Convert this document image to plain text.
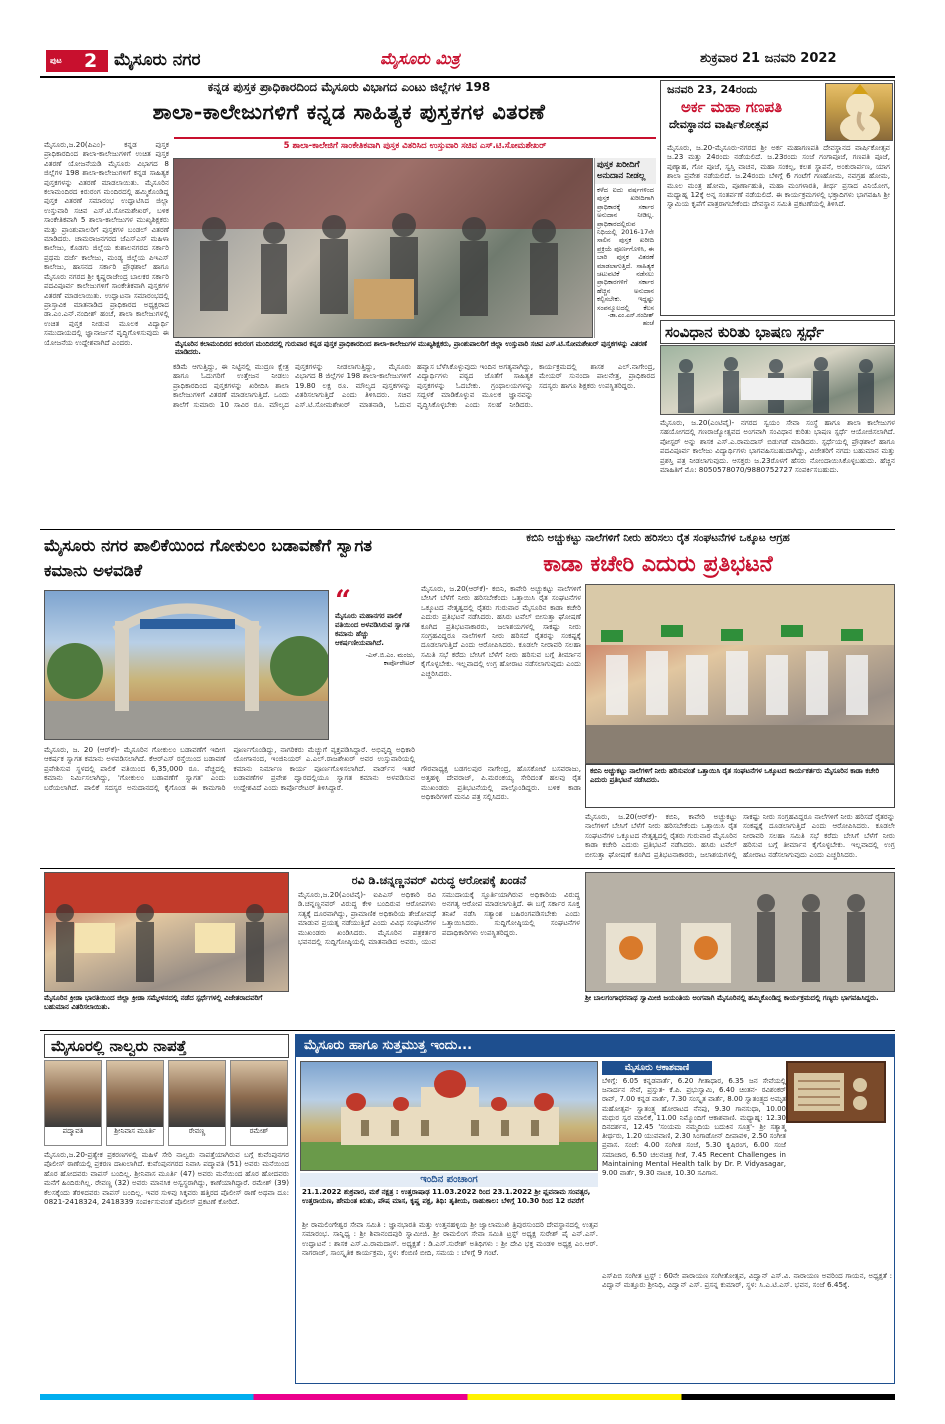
ಪುಟ 2 ಮೈಸೂರು ನಗರ	ಮೈಸೂರು ಮಿತ್ರ	ಶುಕ್ರವಾರ 21 ಜನವರಿ 2022
ಕನ್ನಡ ಪುಸ್ತಕ ಪ್ರಾಧಿಕಾರದಿಂದ ಮೈಸೂರು ವಿಭಾಗದ ಎಂಟು ಜಿಲ್ಲೆಗಳ 198
ಶಾಲಾ-ಕಾಲೇಜುಗಳಿಗೆ ಕನ್ನಡ ಸಾಹಿತ್ಯಕ ಪುಸ್ತಕಗಳ ವಿತರಣೆ
5 ಶಾಲಾ-ಕಾಲೇಜಿಗೆ ಸಾಂಕೇತಿಕವಾಗಿ ಪುಸ್ತಕ ವಿತರಿಸಿದ ಉಸ್ತುವಾರಿ ಸಚಿವ ಎಸ್.ಟಿ.ಸೋಮಶೇಖರ್
ಮೈಸೂರು,ಜ.20(ಪಿಎಂ)- ಕನ್ನಡ ಪುಸ್ತಕ ಪ್ರಾಧಿಕಾರದಿಂದ ಶಾಲಾ-ಕಾಲೇಜುಗಳಿಗೆ ಉಚಿತ ಪುಸ್ತಕ ವಿತರಣೆ ಯೋಜನೆಯಡಿ ಮೈಸೂರು ವಿಭಾಗದ 8 ಜಿಲ್ಲೆಗಳ 198 ಶಾಲಾ-ಕಾಲೇಜುಗಳಿಗೆ ಕನ್ನಡ ಸಾಹಿತ್ಯಕ ಪುಸ್ತಕಗಳನ್ನು ವಿತರಣೆ ಮಾಡಲಾಯಿತು. ಮೈಸೂರಿನ ಕಲಾಮಂದಿರದ ಕಿರುರಂಗ ಮಂದಿರದಲ್ಲಿ ಹಮ್ಮಿಕೊಂಡಿದ್ದ ಪುಸ್ತಕ ವಿತರಣೆ ಸಮಾರಂಭ ಉದ್ಘಾಟಿಸಿದ ಜಿಲ್ಲಾ ಉಸ್ತುವಾರಿ ಸಚಿವ ಎಸ್.ಟಿ.ಸೋಮಶೇಖರ್, ಬಳಿಕ ಸಾಂಕೇತಿಕವಾಗಿ 5 ಶಾಲಾ-ಕಾಲೇಜುಗಳ ಮುಖ್ಯಶಿಕ್ಷಕರು ಮತ್ತು ಪ್ರಾಂಶುಪಾಲರಿಗೆ ಪುಸ್ತಕಗಳ ಬಂಡಲ್ ವಿತರಣೆ ಮಾಡಿದರು. ಚಾಮರಾಜನಗರದ ಜೆಎಸ್‌ಎಸ್ ಮಹಿಳಾ ಕಾಲೇಜು, ಕೊಡಗು ಜಿಲ್ಲೆಯ ಕುಶಾಲನಗರದ ಸರ್ಕಾರಿ ಪ್ರಥಮ ದರ್ಜೆ ಕಾಲೇಜು, ಮಂಡ್ಯ ಜಿಲ್ಲೆಯ ಪಿಇಎಸ್ ಕಾಲೇಜು, ಹಾಸನದ ಸರ್ಕಾರಿ ಪ್ರೌಢಶಾಲೆ ಹಾಗೂ ಮೈಸೂರು ನಗರದ ಶ್ರೀ ಕೃಷ್ಣರಾಜೇಂದ್ರ ಬಾಲಕರ ಸರ್ಕಾರಿ ಪದವಿಪೂರ್ವ ಕಾಲೇಜುಗಳಿಗೆ ಸಾಂಕೇತಿಕವಾಗಿ ಪುಸ್ತಕಗಳ ವಿತರಣೆ ಮಾಡಲಾಯಿತು. ಉದ್ಘಾಟನಾ ಸಮಾರಂಭದಲ್ಲಿ ಪ್ರಾಸ್ತಾವಿಕ ಮಾತನಾಡಿದ ಪ್ರಾಧಿಕಾರದ ಅಧ್ಯಕ್ಷರಾದ ಡಾ.ಎಂ.ಎನ್.ನಂದೀಶ್ ಹಂಚೆ, ಶಾಲಾ ಕಾಲೇಜುಗಳಲ್ಲಿ ಉಚಿತ ಪುಸ್ತಕ ನೀಡುವ ಮೂಲಕ ವಿದ್ಯಾರ್ಥಿ ಸಮುದಾಯದಲ್ಲಿ ಜ್ಞಾನಾರ್ಜನೆ ವೃದ್ಧಿಗೊಳಿಸುವುದು ಈ ಯೋಜನೆಯ ಉದ್ದೇಶವಾಗಿದೆ ಎಂದರು.	ಮೈಸೂರಿನ ಕಲಾಮಂದಿರದ ಕಿರುರಂಗ ಮಂದಿರದಲ್ಲಿ ಗುರುವಾರ ಕನ್ನಡ ಪುಸ್ತಕ ಪ್ರಾಧಿಕಾರದಿಂದ ಶಾಲಾ-ಕಾಲೇಜುಗಳ ಮುಖ್ಯಶಿಕ್ಷಕರು, ಪ್ರಾಂಶುಪಾಲರಿಗೆ ಜಿಲ್ಲಾ ಉಸ್ತುವಾರಿ ಸಚಿವ ಎಸ್.ಟಿ.ಸೋಮಶೇಖರ್ ಪುಸ್ತಕಗಳನ್ನು ವಿತರಣೆ ಮಾಡಿದರು.
ಕಡಿಮೆ ಆಗುತ್ತಿದ್ದು, ಈ ನಿಟ್ಟಿನಲ್ಲಿ ಮುದ್ರಣ ಕ್ಷೇತ್ರ ಹಾಗೂ ಓದುಗರಿಗೆ ಉತ್ತೇಜನ ನೀಡಲು ಪ್ರಾಧಿಕಾರದಿಂದ ಪುಸ್ತಕಗಳನ್ನು ಖರೀದಿಸಿ ಶಾಲಾ ಕಾಲೇಜುಗಳಿಗೆ ವಿತರಣೆ ಮಾಡಲಾಗುತ್ತಿದೆ. ಒಂದು ಶಾಲೆಗೆ ಸುಮಾರು 10 ಸಾವಿರ ರೂ. ಮೌಲ್ಯದ ಪುಸ್ತಕಗಳನ್ನು ನೀಡಲಾಗುತ್ತಿದ್ದು, ಮೈಸೂರು ವಿಭಾಗದ 8 ಜಿಲ್ಲೆಗಳ 198 ಶಾಲಾ-ಕಾಲೇಜುಗಳಿಗೆ 19.80 ಲಕ್ಷ ರೂ. ಮೌಲ್ಯದ ಪುಸ್ತಕಗಳನ್ನು ವಿತರಿಸಲಾಗುತ್ತಿದೆ ಎಂದು ತಿಳಿಸಿದರು. ಸಚಿವ ಎಸ್.ಟಿ.ಸೋಮಶೇಖರ್ ಮಾತನಾಡಿ, ಓದುವ ಹವ್ಯಾಸ ಬೆಳೆಸಿಕೊಳ್ಳುವುದು ಇಂದಿನ ಅಗತ್ಯವಾಗಿದ್ದು, ವಿದ್ಯಾರ್ಥಿಗಳು ಪಠ್ಯದ ಜೊತೆಗೆ ಸಾಹಿತ್ಯಕ ಪುಸ್ತಕಗಳನ್ನು ಓದಬೇಕು. ಗ್ರಂಥಾಲಯಗಳನ್ನು ಸದ್ಬಳಕೆ ಮಾಡಿಕೊಳ್ಳುವ ಮೂಲಕ ಜ್ಞಾನವನ್ನು ವೃದ್ಧಿಸಿಕೊಳ್ಳಬೇಕು ಎಂದು ಸಲಹೆ ನೀಡಿದರು. ಕಾರ್ಯಕ್ರಮದಲ್ಲಿ ಶಾಸಕ ಎಲ್.ನಾಗೇಂದ್ರ, ಮೇಯರ್ ಸುನಂದಾ ಪಾಲನೇತ್ರ, ಪ್ರಾಧಿಕಾರದ ಸದಸ್ಯರು ಹಾಗೂ ಶಿಕ್ಷಕರು ಉಪಸ್ಥಿತರಿದ್ದರು.
ಪುಸ್ತಕ ಖರೀದಿಗೆ ಅನುದಾನ ನೀಡಲ್ಲ
ಕಳೆದ ಐದು ವರ್ಷಗಳಿಂದ ಪುಸ್ತಕ ಖರೀದಿಗಾಗಿ ಪ್ರಾಧಿಕಾರಕ್ಕೆ ಸರ್ಕಾರ ಅನುದಾನ ನೀಡಿಲ್ಲ. ಪ್ರಾಧಿಕಾರದಲ್ಲಿರುವ ನಿಧಿಯಲ್ಲಿ 2016-17ನೇ ಸಾಲಿನ ಪುಸ್ತಕ ಖರೀದಿ ಪ್ರಕ್ರಿಯೆ ಪೂರ್ಣಗೊಳಿಸಿ, ಈ ಬಾರಿ ಪುಸ್ತಕ ವಿತರಣೆ ಮಾಡಲಾಗುತ್ತಿದೆ. ಸಾಹಿತ್ಯಕ ಚಟುವಟಿಕೆ ನಡೆಸಲು ಪ್ರಾಧಿಕಾರಗಳಿಗೆ ಸರ್ಕಾರ ಹೆಚ್ಚಿನ ಅನುದಾನ ಕಲ್ಪಿಸಬೇಕು. ಇದ್ದಷ್ಟು ಸಂಪನ್ಮೂಲದಲ್ಲಿ ಕೆಲಸ
-ಡಾ.ಎಂ.ಎನ್.ನಂದೀಶ್ ಹಂಚೆ
ಜನವರಿ 23, 24ರಂದು
ಅರ್ಕ ಮಹಾ ಗಣಪತಿ
ದೇವಸ್ಥಾನದ ವಾರ್ಷಿಕೋತ್ಸವ
ಮೈಸೂರು, ಜ.20-ಮೈಸೂರು-ನಗರದ ಶ್ರೀ ಅರ್ಕ ಮಹಾಗಣಪತಿ ದೇವಸ್ಥಾನದ ವಾರ್ಷಿಕೋತ್ಸವ ಜ.23 ಮತ್ತು 24ರಂದು ನಡೆಯಲಿದೆ. ಜ.23ರಂದು ಸಂಜೆ ಗಂಗಾಪೂಜೆ, ಗಣಪತಿ ಪೂಜೆ, ಪುಣ್ಯಾಹ, ಗೋ ಪೂಜೆ, ಸ್ವಸ್ತಿ ವಾಚನ, ಮಹಾ ಸಂಕಲ್ಪ, ಕಲಶ ಸ್ಥಾಪನೆ, ಅಂಕುರಾರ್ಪಣ, ಯಾಗ ಶಾಲಾ ಪ್ರವೇಶ ನಡೆಯಲಿದೆ. ಜ.24ರಂದು ಬೆಳಿಗ್ಗೆ 6 ಗಂಟೆಗೆ ಗಣಹೋಮ, ನವಗ್ರಹ ಹೋಮ, ಮೂಲ ಮಂತ್ರ ಹೋಮ, ಪೂರ್ಣಾಹುತಿ, ಮಹಾ ಮಂಗಳಾರತಿ, ತೀರ್ಥ ಪ್ರಸಾದ ವಿನಿಯೋಗ, ಮಧ್ಯಾಹ್ನ 12ಕ್ಕೆ ಅನ್ನ ಸಂತರ್ಪಣೆ ನಡೆಯಲಿದೆ. ಈ ಕಾರ್ಯಕ್ರಮಗಳಲ್ಲಿ ಭಕ್ತಾದಿಗಳು ಭಾಗವಹಿಸಿ ಶ್ರೀ ಸ್ವಾಮಿಯ ಕೃಪೆಗೆ ಪಾತ್ರರಾಗಬೇಕೆಂದು ದೇವಸ್ಥಾನ ಸಮಿತಿ ಪ್ರಕಟಣೆಯಲ್ಲಿ ತಿಳಿಸಿದೆ.
ಸಂವಿಧಾನ ಕುರಿತು ಭಾಷಣ ಸ್ಪರ್ಧೆ
ಮೈಸೂರು, ಜ.20(ಎಂಟಿವೈ)- ನಗರದ ಸ್ವಯಂ ಸೇವಾ ಸಂಸ್ಥೆ ಹಾಗೂ ಶಾಲಾ ಕಾಲೇಜುಗಳ ಸಹಯೋಗದಲ್ಲಿ ಗಣರಾಜ್ಯೋತ್ಸವದ ಅಂಗವಾಗಿ ಸಂವಿಧಾನ ಕುರಿತು ಭಾಷಣ ಸ್ಪರ್ಧೆ ಆಯೋಜಿಸಲಾಗಿದೆ. ಪೋಸ್ಟರ್ ಅನ್ನು ಶಾಸಕ ಎಸ್.ಎ.ರಾಮದಾಸ್ ಬಿಡುಗಡೆ ಮಾಡಿದರು. ಸ್ಪರ್ಧೆಯಲ್ಲಿ ಪ್ರೌಢಶಾಲೆ ಹಾಗೂ ಪದವಿಪೂರ್ವ ಕಾಲೇಜು ವಿದ್ಯಾರ್ಥಿಗಳು ಭಾಗವಹಿಸಬಹುದಾಗಿದ್ದು, ವಿಜೇತರಿಗೆ ನಗದು ಬಹುಮಾನ ಮತ್ತು ಪ್ರಶಸ್ತಿ ಪತ್ರ ನೀಡಲಾಗುವುದು. ಆಸಕ್ತರು ಜ.23ರೊಳಗೆ ಹೆಸರು ನೋಂದಾಯಿಸಿಕೊಳ್ಳಬಹುದು. ಹೆಚ್ಚಿನ ಮಾಹಿತಿಗೆ ಮೊ: 8050578070/9880752727 ಸಂಪರ್ಕಿಸಬಹುದು.
ಮೈಸೂರು ನಗರ ಪಾಲಿಕೆಯಿಂದ ಗೋಕುಲಂ ಬಡಾವಣೆಗೆ ಸ್ವಾಗತ ಕಮಾನು ಅಳವಡಿಕೆ
“
ಮೈಸೂರು ಮಹಾನಗರ ಪಾಲಿಕೆ ವತಿಯಿಂದ ಅಳವಡಿಸಿರುವ ಸ್ವಾಗತ ಕಮಾನು ಹೆಚ್ಚು ಆಕರ್ಷಣೀಯವಾಗಿದೆ.
-ಎಸ್.ಬಿ.ಎಂ. ಮಂಜು, ಕಾರ್ಪೊರೇಟರ್
ಮೈಸೂರು, ಜ. 20 (ಆರ್‌ಕೆ)- ಮೈಸೂರಿನ ಗೋಕುಲಂ ಬಡಾವಣೆಗೆ ಇದೀಗ ಆಕರ್ಷಕ ಸ್ವಾಗತ ಕಮಾನು ಅಳವಡಿಸಲಾಗಿದೆ. ಕೆಆರ್‌ಎಸ್ ರಸ್ತೆಯಿಂದ ಬಡಾವಣೆ ಪ್ರವೇಶಿಸುವ ಸ್ಥಳದಲ್ಲಿ ಪಾಲಿಕೆ ವತಿಯಿಂದ 6,35,000 ರೂ. ವೆಚ್ಚದಲ್ಲಿ ಕಮಾನು ನಿರ್ಮಿಸಲಾಗಿದ್ದು, 'ಗೋಕುಲಂ ಬಡಾವಣೆಗೆ ಸ್ವಾಗತ' ಎಂದು ಬರೆಯಲಾಗಿದೆ. ಪಾಲಿಕೆ ಸದಸ್ಯರ ಅನುದಾನದಲ್ಲಿ ಕೈಗೊಂಡ ಈ ಕಾಮಗಾರಿ ಪೂರ್ಣಗೊಂಡಿದ್ದು, ನಾಗರಿಕರು ಮೆಚ್ಚುಗೆ ವ್ಯಕ್ತಪಡಿಸಿದ್ದಾರೆ. ಅಭಿವೃದ್ಧಿ ಅಧಿಕಾರಿ ಯೋಗಾನಂದ, ಇಂಜಿನಿಯರ್ ಎ.ಎಲ್.ರಾಜಶೇಖರ್ ಅವರ ಉಸ್ತುವಾರಿಯಲ್ಲಿ ಕಮಾನು ನಿರ್ಮಾಣ ಕಾರ್ಯ ಪೂರ್ಣಗೊಳಿಸಲಾಗಿದೆ. ವಾರ್ಡ್‌ನ ಇತರೆ ಬಡಾವಣೆಗಳ ಪ್ರವೇಶ ದ್ವಾರದಲ್ಲಿಯೂ ಸ್ವಾಗತ ಕಮಾನು ಅಳವಡಿಸುವ ಉದ್ದೇಶವಿದೆ ಎಂದು ಕಾರ್ಪೊರೇಟರ್ ತಿಳಿಸಿದ್ದಾರೆ.
ಕಬಿನಿ ಅಚ್ಚುಕಟ್ಟು ನಾಲೆಗಳಿಗೆ ನೀರು ಹರಿಸಲು ರೈತ ಸಂಘಟನೆಗಳ ಒಕ್ಕೂಟ ಆಗ್ರಹ
ಕಾಡಾ ಕಚೇರಿ ಎದುರು ಪ್ರತಿಭಟನೆ
ಮೈಸೂರು, ಜ.20(ಆರ್‌ಕೆ)- ಕಬಿನಿ, ಕಾವೇರಿ ಅಚ್ಚುಕಟ್ಟು ನಾಲೆಗಳಿಗೆ ಬೇಸಿಗೆ ಬೆಳೆಗೆ ನೀರು ಹರಿಸಬೇಕೆಂದು ಒತ್ತಾಯಿಸಿ ರೈತ ಸಂಘಟನೆಗಳ ಒಕ್ಕೂಟದ ನೇತೃತ್ವದಲ್ಲಿ ರೈತರು ಗುರುವಾರ ಮೈಸೂರಿನ ಕಾಡಾ ಕಚೇರಿ ಎದುರು ಪ್ರತಿಭಟನೆ ನಡೆಸಿದರು. ಹಸಿರು ಟವೆಲ್ ಬೀಸುತ್ತಾ ಘೋಷಣೆ ಕೂಗಿದ ಪ್ರತಿಭಟನಾಕಾರರು, ಜಲಾಶಯಗಳಲ್ಲಿ ಸಾಕಷ್ಟು ನೀರು ಸಂಗ್ರಹವಿದ್ದರೂ ನಾಲೆಗಳಿಗೆ ನೀರು ಹರಿಸದೆ ರೈತರನ್ನು ಸಂಕಷ್ಟಕ್ಕೆ ದೂಡಲಾಗುತ್ತಿದೆ ಎಂದು ಆರೋಪಿಸಿದರು. ಕೂಡಲೇ ನೀರಾವರಿ ಸಲಹಾ ಸಮಿತಿ ಸಭೆ ಕರೆದು ಬೇಸಿಗೆ ಬೆಳೆಗೆ ನೀರು ಹರಿಸುವ ಬಗ್ಗೆ ತೀರ್ಮಾನ ಕೈಗೊಳ್ಳಬೇಕು. ಇಲ್ಲವಾದಲ್ಲಿ ಉಗ್ರ ಹೋರಾಟ ನಡೆಸಲಾಗುವುದು ಎಂದು ಎಚ್ಚರಿಸಿದರು.
ಕಬಿನಿ ಅಚ್ಚುಕಟ್ಟು ನಾಲೆಗಳಿಗೆ ನೀರು ಹರಿಸುವಂತೆ ಒತ್ತಾಯಿಸಿ ರೈತ ಸಂಘಟನೆಗಳ ಒಕ್ಕೂಟದ ಕಾರ್ಯಕರ್ತರು ಮೈಸೂರಿನ ಕಾಡಾ ಕಚೇರಿ ಎದುರು ಪ್ರತಿಭಟನೆ ನಡೆಸಿದರು.
ಗೌರವಾಧ್ಯಕ್ಷ ಬಡಗಲಪುರ ನಾಗೇಂದ್ರ, ಹೊಸಕೋಟೆ ಬಸವರಾಜು, ಅತ್ತಹಳ್ಳಿ ದೇವರಾಜ್, ಪಿ.ಮರಂಕಯ್ಯ ಸೇರಿದಂತೆ ಹಲವು ರೈತ ಮುಖಂಡರು ಪ್ರತಿಭಟನೆಯಲ್ಲಿ ಪಾಲ್ಗೊಂಡಿದ್ದರು. ಬಳಿಕ ಕಾಡಾ ಅಧಿಕಾರಿಗಳಿಗೆ ಮನವಿ ಪತ್ರ ಸಲ್ಲಿಸಿದರು.
ಮೈಸೂರು, ಜ.20(ಆರ್‌ಕೆ)- ಕಬಿನಿ, ಕಾವೇರಿ ಅಚ್ಚುಕಟ್ಟು ನಾಲೆಗಳಿಗೆ ಬೇಸಿಗೆ ಬೆಳೆಗೆ ನೀರು ಹರಿಸಬೇಕೆಂದು ಒತ್ತಾಯಿಸಿ ರೈತ ಸಂಘಟನೆಗಳ ಒಕ್ಕೂಟದ ನೇತೃತ್ವದಲ್ಲಿ ರೈತರು ಗುರುವಾರ ಮೈಸೂರಿನ ಕಾಡಾ ಕಚೇರಿ ಎದುರು ಪ್ರತಿಭಟನೆ ನಡೆಸಿದರು. ಹಸಿರು ಟವೆಲ್ ಬೀಸುತ್ತಾ ಘೋಷಣೆ ಕೂಗಿದ ಪ್ರತಿಭಟನಾಕಾರರು, ಜಲಾಶಯಗಳಲ್ಲಿ ಸಾಕಷ್ಟು ನೀರು ಸಂಗ್ರಹವಿದ್ದರೂ ನಾಲೆಗಳಿಗೆ ನೀರು ಹರಿಸದೆ ರೈತರನ್ನು ಸಂಕಷ್ಟಕ್ಕೆ ದೂಡಲಾಗುತ್ತಿದೆ ಎಂದು ಆರೋಪಿಸಿದರು. ಕೂಡಲೇ ನೀರಾವರಿ ಸಲಹಾ ಸಮಿತಿ ಸಭೆ ಕರೆದು ಬೇಸಿಗೆ ಬೆಳೆಗೆ ನೀರು ಹರಿಸುವ ಬಗ್ಗೆ ತೀರ್ಮಾನ ಕೈಗೊಳ್ಳಬೇಕು. ಇಲ್ಲವಾದಲ್ಲಿ ಉಗ್ರ ಹೋರಾಟ ನಡೆಸಲಾಗುವುದು ಎಂದು ಎಚ್ಚರಿಸಿದರು.
ಮೈಸೂರಿನ ಕ್ರೀಡಾ ಭಾರತಿಯಿಂದ ಜಿಲ್ಲಾ ಕ್ರೀಡಾ ಸಮ್ಮೇಳನದಲ್ಲಿ ನಡೆದ ಸ್ಪರ್ಧೆಗಳಲ್ಲಿ ವಿಜೇತರಾದವರಿಗೆ ಬಹುಮಾನ ವಿತರಿಸಲಾಯಿತು.
ರವಿ ಡಿ.ಚನ್ನಣ್ಣನವರ್ ವಿರುದ್ಧ ಆರೋಪಕ್ಕೆ ಖಂಡನೆ
ಮೈಸೂರು,ಜ.20(ಎಂಟಿವೈ)- ಐಪಿಎಸ್ ಅಧಿಕಾರಿ ರವಿ ಡಿ.ಚನ್ನಣ್ಣನವರ್ ವಿರುದ್ಧ ಕೇಳಿ ಬಂದಿರುವ ಆರೋಪಗಳು ಸತ್ಯಕ್ಕೆ ದೂರವಾಗಿದ್ದು, ಪ್ರಾಮಾಣಿಕ ಅಧಿಕಾರಿಯ ತೇಜೋವಧೆ ಮಾಡುವ ಪ್ರಯತ್ನ ನಡೆಯುತ್ತಿದೆ ಎಂದು ವಿವಿಧ ಸಂಘಟನೆಗಳ ಮುಖಂಡರು ಖಂಡಿಸಿದರು. ಮೈಸೂರಿನ ಪತ್ರಕರ್ತರ ಭವನದಲ್ಲಿ ಸುದ್ದಿಗೋಷ್ಠಿಯಲ್ಲಿ ಮಾತನಾಡಿದ ಅವರು, ಯುವ ಸಮುದಾಯಕ್ಕೆ ಸ್ಫೂರ್ತಿಯಾಗಿರುವ ಅಧಿಕಾರಿಯ ವಿರುದ್ಧ ಅನಗತ್ಯ ಆರೋಪ ಮಾಡಲಾಗುತ್ತಿದೆ. ಈ ಬಗ್ಗೆ ಸರ್ಕಾರ ಸೂಕ್ತ ತನಿಖೆ ನಡೆಸಿ ಸತ್ಯಾಂಶ ಬಹಿರಂಗಪಡಿಸಬೇಕು ಎಂದು ಒತ್ತಾಯಿಸಿದರು. ಸುದ್ದಿಗೋಷ್ಠಿಯಲ್ಲಿ ಸಂಘಟನೆಗಳ ಪದಾಧಿಕಾರಿಗಳು ಉಪಸ್ಥಿತರಿದ್ದರು.
ಶ್ರೀ ಬಾಲಗಂಗಾಧರನಾಥ ಸ್ವಾಮೀಜಿ ಜಯಂತಿಯ ಅಂಗವಾಗಿ ಮೈಸೂರಿನಲ್ಲಿ ಹಮ್ಮಿಕೊಂಡಿದ್ದ ಕಾರ್ಯಕ್ರಮದಲ್ಲಿ ಗಣ್ಯರು ಭಾಗವಹಿಸಿದ್ದರು.
ಮೈಸೂರಲ್ಲಿ ನಾಲ್ವರು ನಾಪತ್ತೆ
ಪದ್ಮಾವತಿ	ಶ್ರೀನಿವಾಸ ಮೂರ್ತಿ	ರೇವಣ್ಣ	ರಮೇಶ್
ಮೈಸೂರು,ಜ.20-ಪ್ರತ್ಯೇಕ ಪ್ರಕರಣಗಳಲ್ಲಿ ಮಹಿಳೆ ಸೇರಿ ನಾಲ್ವರು ನಾಪತ್ತೆಯಾಗಿರುವ ಬಗ್ಗೆ ಕುವೆಂಪುನಗರ ಪೊಲೀಸ್ ಠಾಣೆಯಲ್ಲಿ ಪ್ರಕರಣ ದಾಖಲಾಗಿದೆ. ಕುವೆಂಪುನಗರದ ನಿವಾಸಿ ಪದ್ಮಾವತಿ (51) ಅವರು ಮನೆಯಿಂದ ಹೊರ ಹೋದವರು ವಾಪಸ್ ಬಂದಿಲ್ಲ. ಶ್ರೀನಿವಾಸ ಮೂರ್ತಿ (47) ಅವರು ಮನೆಯಿಂದ ಹೊರ ಹೋದವರು ಮನೆಗೆ ಹಿಂದಿರುಗಿಲ್ಲ. ರೇವಣ್ಣ (32) ಅವರು ಮಾನಸಿಕ ಅಸ್ವಸ್ಥರಾಗಿದ್ದು, ಕಾಣೆಯಾಗಿದ್ದಾರೆ. ರಮೇಶ್ (39) ಕೆಲಸಕ್ಕೆಂದು ತೆರಳಿದವರು ವಾಪಸ್ ಬಂದಿಲ್ಲ. ಇವರ ಸುಳಿವು ಸಿಕ್ಕವರು ಹತ್ತಿರದ ಪೊಲೀಸ್ ಠಾಣೆ ಅಥವಾ ದೂ: 0821-2418324, 2418339 ಸಂಪರ್ಕಿಸುವಂತೆ ಪೊಲೀಸ್ ಪ್ರಕಟಣೆ ಕೋರಿದೆ.
ಮೈಸೂರು ಹಾಗೂ ಸುತ್ತಮುತ್ತ ಇಂದು...
ಇಂದಿನ ಪಂಚಾಂಗ
21.1.2022 ಶುಕ್ರವಾರ, ಮಕೆ ನಕ್ಷತ್ರ : ಉತ್ತರಾಷಾಢ 11.03.2022 ರಿಂದ 23.1.2022 ಶ್ರೀ ಪ್ಲವನಾಮ ಸಂವತ್ಸರ, ಉತ್ತರಾಯಣ, ಹೇಮಂತ ಋತು, ಪೌಷ ಮಾಸ, ಕೃಷ್ಣ ಪಕ್ಷ, ತಿಥಿ: ತೃತೀಯ, ರಾಹುಕಾಲ: ಬೆಳಿಗ್ಗೆ 10.30 ರಿಂದ 12 ರವರೆಗೆ
ಮೈಸೂರು ಆಕಾಶವಾಣಿ
ಬೆಳಿಗ್ಗೆ: 6.05 ಕನ್ನಡವಾರ್ತೆ, 6.20 ಗೀತಾಧಾರ, 6.35 ಜನ ಸೇವೆಯಲ್ಲಿ ಜನಾರ್ದನ ಸೇವೆ, ಪ್ರಸ್ತುತ- ಕೆ.ಪಿ. ಪ್ರಭುಸ್ವಾಮಿ, 6.40 ಚಿಂತನ- ರವಿಶಂಕರ್ ರಾವ್, 7.00 ಕನ್ನಡ ವಾರ್ತೆ, 7.30 ಸಂಸ್ಕೃತ ವಾರ್ತೆ, 8.00 ಸ್ವಾತಂತ್ರ್ಯದ ಅಮೃತ ಮಹೋತ್ಸವ- ಸ್ವಾತಂತ್ರ್ಯ ಹೋರಾಟದ ನೆನಪು, 9.30 ಗಾನಸುಧಾ, 10.00 ಮಧುರ ಸ್ವರ ಮಾಲಿಕೆ, 11.00 ನಿಮ್ಮೊಂದಿಗೆ ಆಕಾಶವಾಣಿ. ಮಧ್ಯಾಹ್ನ: 12.30 ದಿನದರ್ಶನ, 12.45 'ಸಂಯಮ ನಮ್ಮದಿಯ ಬದುಕಿನ ಸೂತ್ರ'- ಶ್ರೀ ಸತ್ಯಾತ್ಮ ತೀರ್ಥರು, 1.20 ಯುವವಾಣಿ, 2.30 ಸಿಂಗಾಡೋನ್ ದೀಪಾವಳಿ, 2.50 ಸಂಗೀತ ಪ್ರವಾಸ. ಸಂಜೆ: 4.00 ಸಂಗೀತ ಸಂಜೆ, 5.30 ಕೃಷಿರಂಗ, 6.00 ಸಂಜೆ ಸಮಾಚಾರ, 6.50 ಚಲನಚಿತ್ರ ಗೀತೆ, 7.45 Recent Challenges in Maintaining Mental Health talk by Dr. P. Vidyasagar, 9.00 ವಾರ್ತೆ, 9.30 ನಾಟಕ, 10.30 ಸವಿಗಾನ.
ಶ್ರೀ ರಾಮಲಿಂಗೇಶ್ವರ ಸೇವಾ ಸಮಿತಿ : ಜ್ಞಾನಭಾರತಿ ಮತ್ತು ಉತ್ತನಹಳ್ಳಿಯ ಶ್ರೀ ಜ್ವಾಲಾಮುಖಿ ತ್ರಿಪುರಸುಂದರಿ ದೇವಸ್ಥಾನದಲ್ಲಿ ಉತ್ಸವ ಸಮಾರಂಭ. ಸಾನ್ನಿಧ್ಯ : ಶ್ರೀ ಶಿವಾನಂದಪುರಿ ಸ್ವಾಮೀಜಿ. ಶ್ರೀ ರಾಮಲಿಂಗ ಸೇವಾ ಸಮಿತಿ ಟ್ರಸ್ಟ್ ಅಧ್ಯಕ್ಷ ಸುರೇಶ್ ಪೈ ಎನ್.ಎಸ್. ಉದ್ಘಾಟನೆ : ಶಾಸಕ ಎಸ್.ಎ.ರಾಮದಾಸ್. ಅಧ್ಯಕ್ಷತೆ : ಡಿ.ಎಸ್.ಸುರೇಶ್ ಅತಿಥಿಗಳು : ಶ್ರೀ ದೇವಿ ಭಕ್ತ ಮಂಡಳಿ ಅಧ್ಯಕ್ಷ ಎಂ.ಆರ್. ನಾಗರಾಜ್, ಸಾಂಸ್ಕೃತಿಕ ಕಾರ್ಯಕ್ರಮ, ಸ್ಥಳ: ಕೆಂಬಿಣಿ ಬೀದಿ, ಸಮಯ : ಬೆಳಿಗ್ಗೆ 9 ಗಂಟೆ.
ಎಸ್‌ಪಿಬಿ ಸಂಗೀತ ಟ್ರಸ್ಟ್ : 60ನೇ ಪಾರಾಯಣ ಸಂಗೀತೋತ್ಸವ, ವಿದ್ವಾನ್ ಎಸ್.ವಿ. ನಾರಾಯಣ ಅವರಿಂದ ಗಾಯನ, ಅಧ್ಯಕ್ಷತೆ : ವಿದ್ವಾನ್ ಮತ್ತೂರು ಶ್ರೀನಿಧಿ, ವಿದ್ವಾನ್ ಎಸ್. ಪ್ರಸನ್ನ ಕುಮಾರ್, ಸ್ಥಳ: ಸಿ.ಎ.ಟಿ.ಎಸ್. ಭವನ, ಸಂಜೆ 6.45ಕ್ಕೆ.
